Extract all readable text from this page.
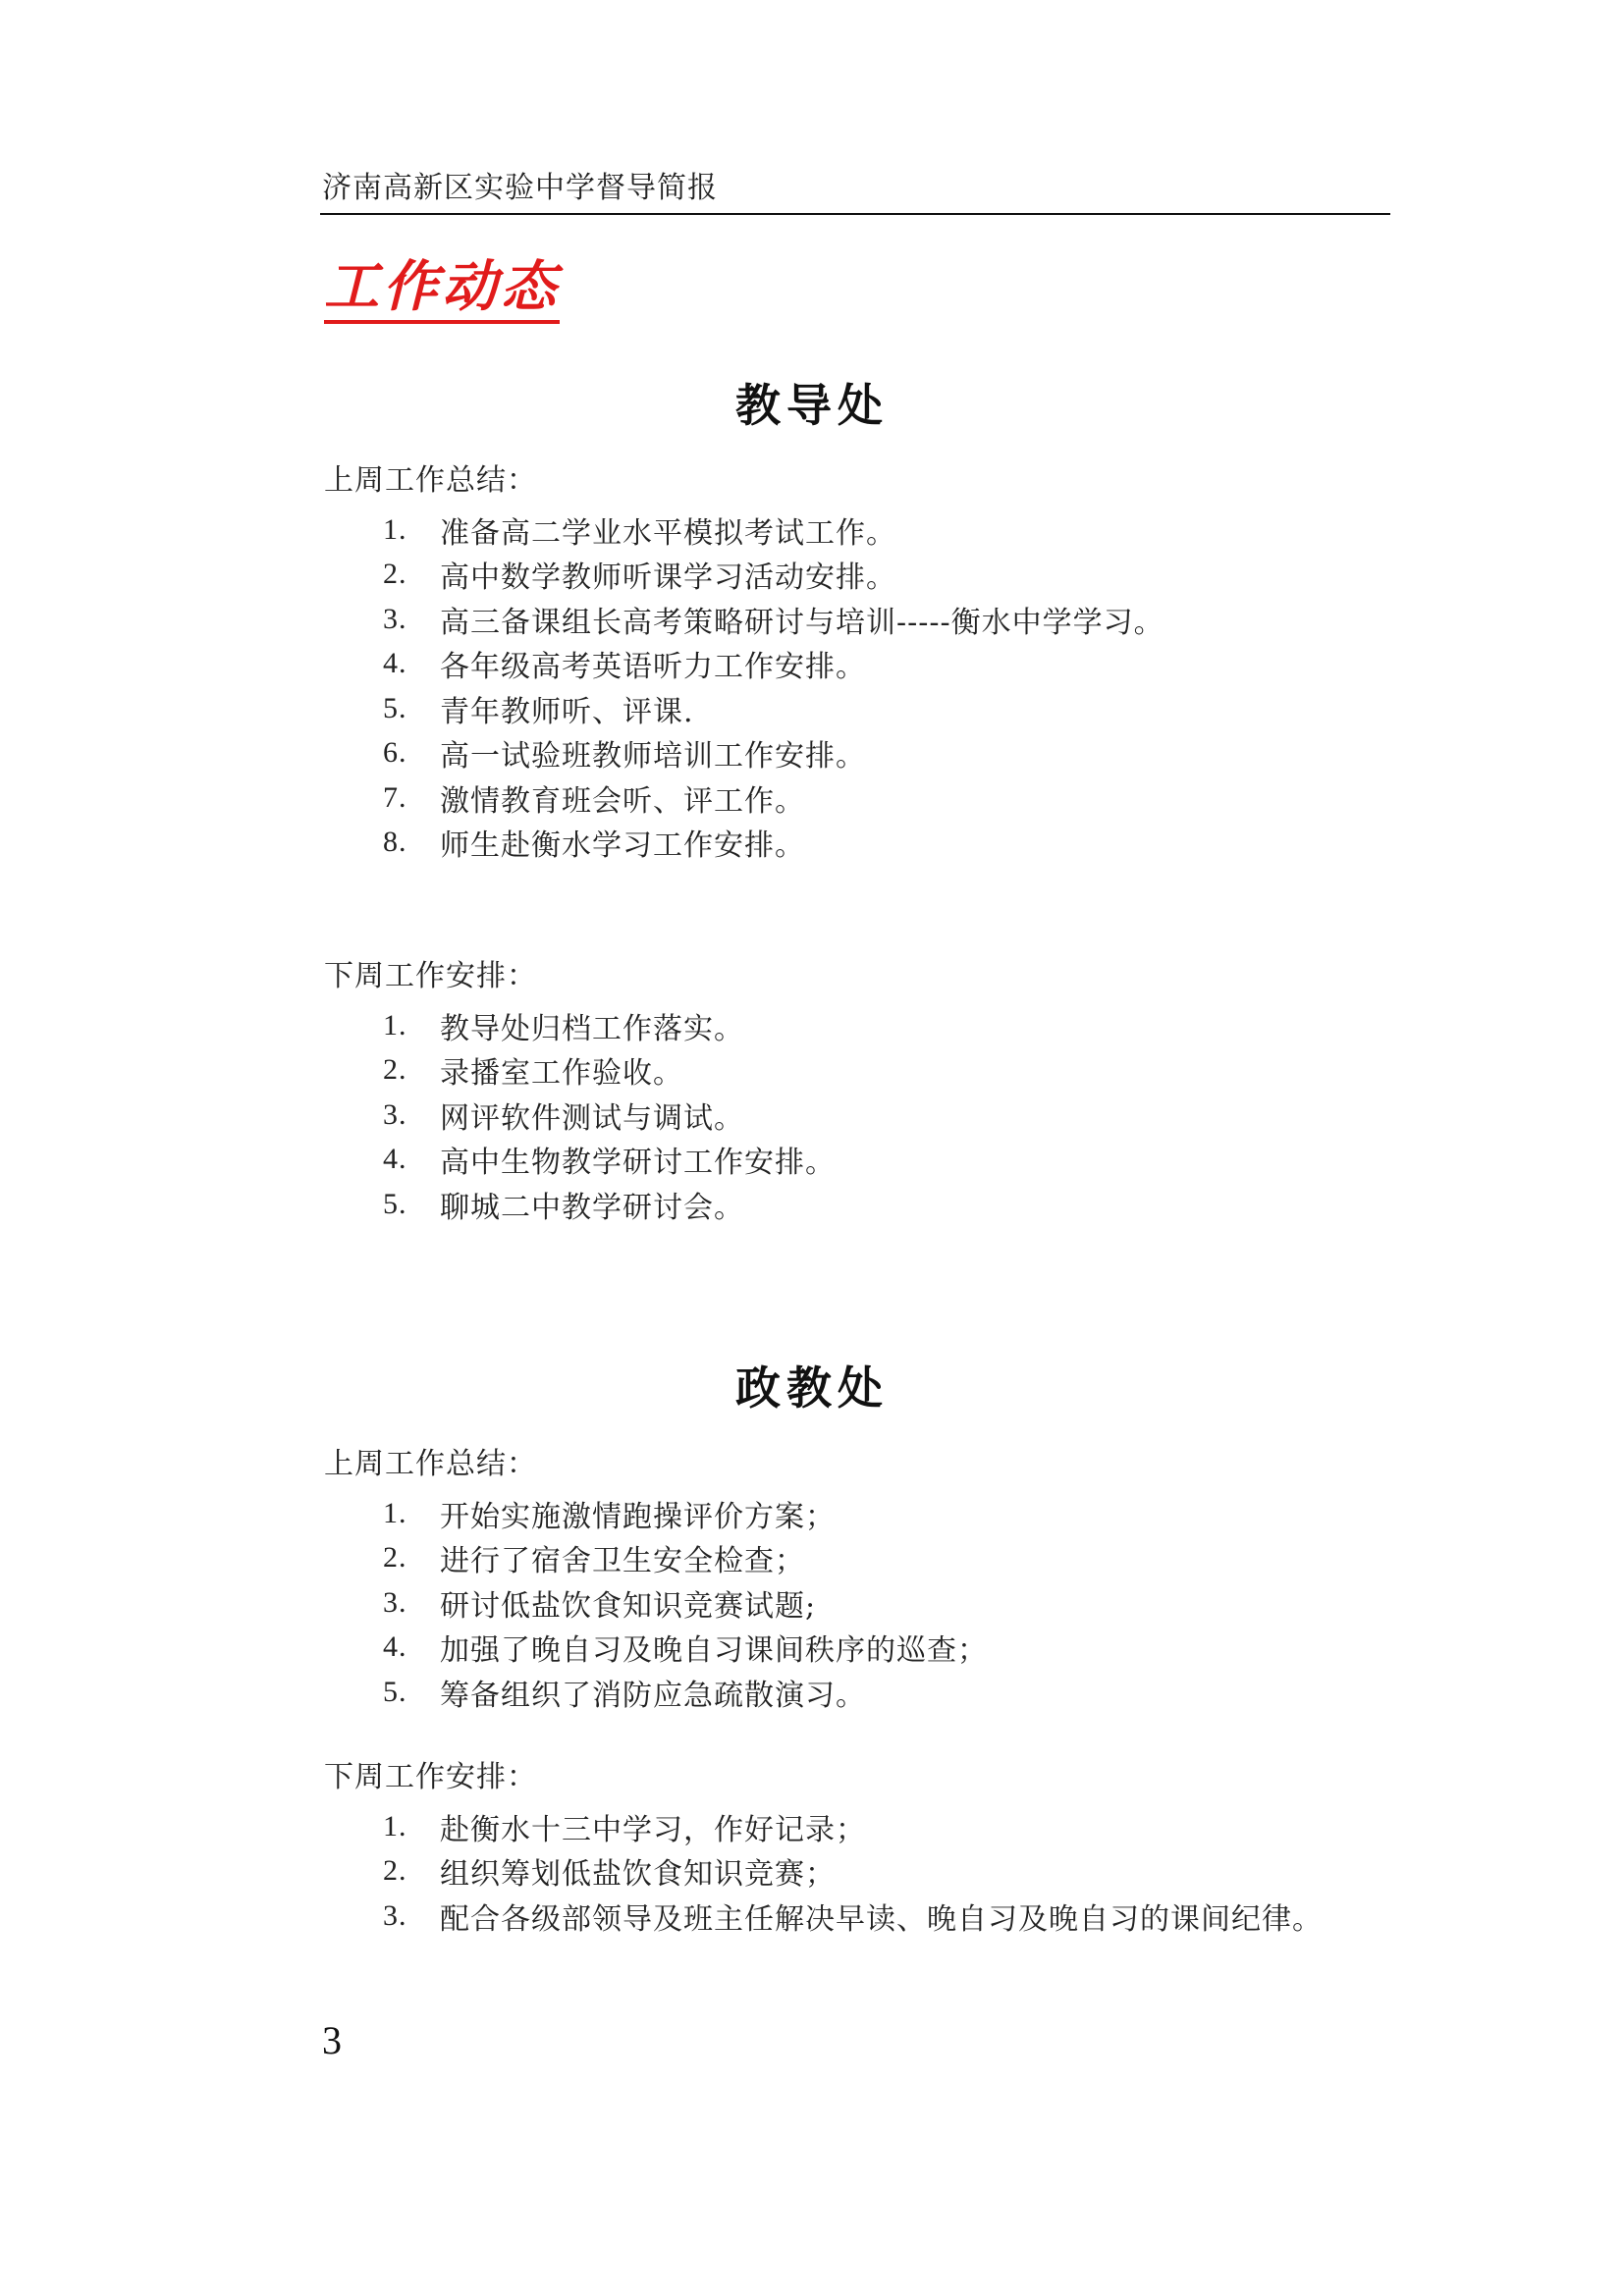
济南高新区实验中学督导简报
工作动态
教导处
上周工作总结：
1.	准备高二学业水平模拟考试工作。
2.	高中数学教师听课学习活动安排。
3.	高三备课组长高考策略研讨与培训-----衡水中学学习。
4.	各年级高考英语听力工作安排。
5.	青年教师听、评课.
6.	高一试验班教师培训工作安排。
7.	激情教育班会听、评工作。
8.	师生赴衡水学习工作安排。
下周工作安排：
1.	教导处归档工作落实。
2.	录播室工作验收。
3.	网评软件测试与调试。
4.	高中生物教学研讨工作安排。
5.	聊城二中教学研讨会。
政教处
上周工作总结：
1.	开始实施激情跑操评价方案；
2.	进行了宿舍卫生安全检查；
3.	研讨低盐饮食知识竞赛试题;
4.	加强了晚自习及晚自习课间秩序的巡查；
5.	筹备组织了消防应急疏散演习。
下周工作安排：
1.	赴衡水十三中学习，作好记录；
2.	组织筹划低盐饮食知识竞赛；
3.	配合各级部领导及班主任解决早读、晚自习及晚自习的课间纪律。
3
